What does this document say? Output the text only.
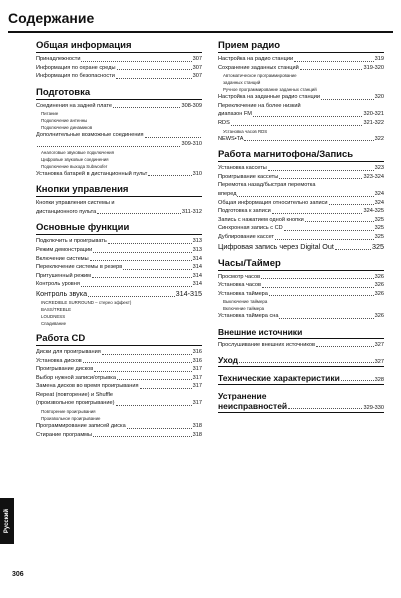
Содержание
Общая информация
Принадлежности	307
Информация по охране среды	307
Информация по безопасности	307
Подготовка
Соединения на задней плате	308-309
Питание
Подключение антенны
Подключение динамиков
Дополнительные возможные соединения
309-310
Аналоговые звуковые подключения
Цифровые звуковые соединения
Подключение выхода Subwoofer
Установка батарей в дистанционный пульт	310
Кнопки управления
Кнопки управления системы и
дистанционного пульта	311-312
Основные функции
Подключить и проигрывать	313
Режим демонстрации	313
Включение системы	314
Переключение системы в резерв	314
Притушенный режим	314
Контроль уровня	314
Контроль звука	314-315
INCREDIBLE SURROUND – стерео эффект)
BASS/TREBLE
LOUDNESS
Спадивание
Работа CD
Диски для проигрывания	316
Установка дисков	316
Проигрывание дисков	317
Выбор нужной записи/отрывка	317
Замена дисков во время проигрывания	317
Repeat (повторение) и Shuffle
(произвольное проигрывание)	317
Повторение проигрывания
Произвольное проигрывание
Программирование записей диска	318
Стирание программы	318
Прием радио
Настройка на радио станции	319
Сохранение заданных станций	319-320
Автоматическое программирование
заданных станций
Ручное программирование заданных станций
Настройка на заданные радио станции	320
Переключение на более низкий
диапазон FM	320-321
RDS	321-322
Установка часов RDS
NEWS•TA	322
Работа магнитофона/Запись
Установка кассеты	323
Проигрывание кассеты	323-324
Перемотка назад/быстрая перемотка
вперед	324
Общая информация относительно записи	324
Подготовка к записи	324-325
Запись с нажатием одной кнопки	325
Синхронная запись с CD	325
Дублирование кассет	325
Цифровая запись через Digital Out	325
Часы/Таймер
Просмотр часов	326
Установка часов	326
Установка таймера	326
Выключение таймера
Включение таймера
Установка таймера сна	326
Внешние источники
Прослушивание внешних источников	327
Уход	327
Технические характеристики	328
Устранение
неисправностей	329-330
Русский
306
